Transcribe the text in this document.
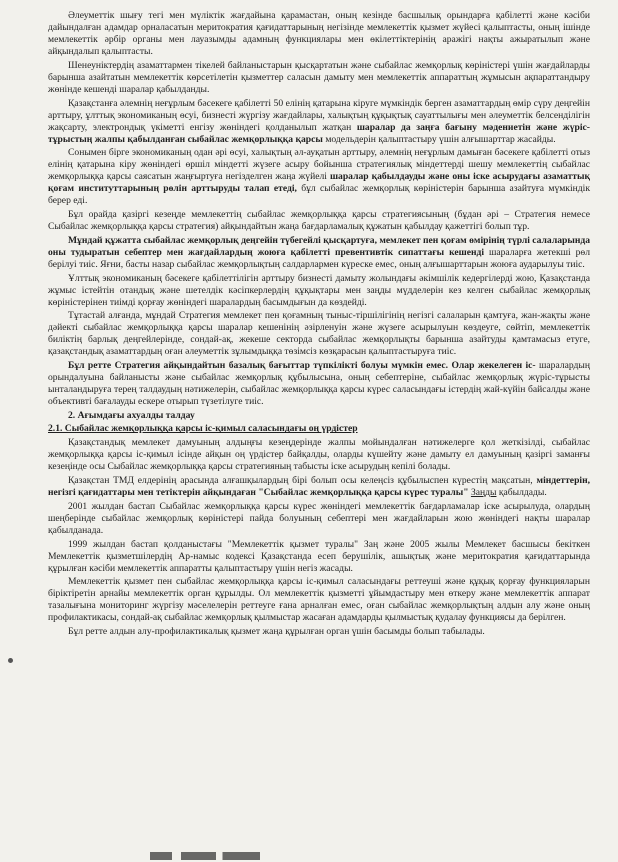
Әлеуметтік шығу тегі мен мүліктік жағдайына қарамастан, оның кезінде басшылық орындарға қабілетті және кәсіби дайындалған адамдар орналасатын меритократия қағидаттарының негізінде мемлекеттік қызмет жүйесі қалыптасты, оның ішінде мемлекеттік әрбір органы мен лауазымды адамның функциялары мен өкілеттіктерінің аражігі нақты ажыратылып және айқындалып қалыптасты.

Шенеуніктердің азаматтармен тікелей байланыстарын қысқартатын және сыбайлас жемқорлық көріністері үшін жағдайларды барынша азайтатын мемлекеттік көрсетілетін қызметтер саласын дамыту мен мемлекеттік аппараттың жұмысын ақпараттандыру жөнінде кешенді шаралар қабылданды.

Қазақстанға әлемнің неғұрлым бәсекеге қабілетті 50 елінің қатарына кіруге мүмкіндік берген азаматтардың өмір сүру деңгейін арттыру, ұлттық экономиканың өсуі, бизнесті жүргізу жағдайлары, халықтың құқықтық сауаттылығы мен әлеуметтік белсенділігін жақсарту, электрондық үкіметті енгізу жөніндегі қолданылып жатқан шаралар да заңға бағыну мәдениетін және жүріс-тұрыстың жалпы қабылданған сыбайлас жемқорлыққа қарсы модельдерін қалыптастыру үшін алғышарттар жасайды.

Сонымен бірге экономиканың одан әрі өсуі, халықтың әл-ауқатын арттыру, әлемнің неғұрлым дамыған бәсекеге қабілетті отыз елінің қатарына кіру жөніндегі өршіл міндетті жүзеге асыру бойынша стратегиялық міндеттерді шешу мемлекеттің сыбайлас жемқорлыққа қарсы саясатын жаңғыртуға негізделген жаңа жүйелі шаралар қабылдауды және оны іске асырудағы азаматтық қоғам институттарының рөлін арттыруды талап етеді, бұл сыбайлас жемқорлық көріністерін барынша азайтуға мүмкіндік берер еді.

Бұл орайда қазіргі кезеңде мемлекеттің сыбайлас жемқорлыққа қарсы стратегиясының (бұдан әрі – Стратегия немесе Сыбайлас жемқорлыққа қарсы стратегия) айқындайтын жаңа бағдарламалық құжатын қабылдау қажеттігі болып тұр.

Мұндай құжатта сыбайлас жемқорлық деңгейін түбегейлі қысқартуға, мемлекет пен қоғам өмірінің түрлі салаларында оны тудыратын себептер мен жағдайлардың жоюға қабілетті превентивтік сипаттағы кешенді шараларға жетекші рөл берілуі тиіс. Яғни, басты назар сыбайлас жемқорлықтың салдарлармен күреске емес, оның алғышарттарын жоюға аударылуы тиіс.

Ұлттық экономиканың бәсекеге қабілеттілігін арттыру бизнесті дамыту жолындағы әкімшілік кедергілерді жою, Қазақстанда жұмыс істейтін отандық және шетелдік кәсіпкерлердің құқықтары мен заңды мүдделерін кез келген сыбайлас жемқорлық көріністерінен тиімді қорғау жөніндегі шаралардың басымдығын да көздейді.

Тұтастай алғанда, мұндай Стратегия мемлекет пен қоғамның тыныс-тіршілігінің негізгі салаларын қамтуға, жан-жақты және дәйекті сыбайлас жемқорлыққа қарсы шаралар кешенінің әзірленуін және жүзеге асырылуын көздеуге, сөйтіп, мемлекеттік биліктің барлық деңгейлерінде, сондай-ақ, жекеше секторда сыбайлас жемқорлықты барынша азайтуды қамтамасыз етуге, қазақстандық азаматтардың оған әлеуметтік зұлымдыққа төзімсіз көзқарасын қалыптастыруға тиіс.

Бұл ретте Стратегия айқындайтын базалық бағыттар түпкілікті болуы мүмкін емес. Олар жекелеген іс- шаралардың орындалуына байланысты және сыбайлас жемқорлық құбылысына, оның себептеріне, сыбайлас жемқорлық жүріс-тұрысты ынталандыруға терең талдаудың нәтижелерін, сыбайлас жемқорлыққа қарсы күрес саласындағы істердің жай-күйін байсалды және объективті бағалауды ескере отырып түзетілуге тиіс.

2. Ағымдағы ахуалды талдау
2.1. Сыбайлас жемқорлыққа қарсы іс-қимыл саласындағы оң үрдістер

Қазақстандық мемлекет дамуының алдыңғы кезеңдерінде жалпы мойындалған нәтижелерге қол жеткізілді, сыбайлас жемқорлыққа қарсы іс-қимыл ісінде айқын оң үрдістер байқалды, оларды күшейту және дамыту ел дамуының қазіргі заманғы кезеңінде осы Сыбайлас жемқорлыққа қарсы стратегияның табысты іске асырудың кепілі болады.

Қазақстан ТМД елдерінің арасында алғашқылардың бірі болып осы келеңсіз құбылыспен күрестің мақсатын, міндеттерін, негізгі қағидаттары мен тетіктерін айқындаған "Сыбайлас жемқорлыққа қарсы күрес туралы" Заңды қабылдады.

2001 жылдан бастап Сыбайлас жемқорлыққа қарсы күрес жөніндегі мемлекеттік бағдарламалар іске асырылуда, олардың шеңберінде сыбайлас жемқорлық көріністері пайда болуының себептері мен жағдайларын жою жөніндегі нақты шаралар қабылданада.

1999 жылдан бастап қолданыстағы "Мемлекеттік қызмет туралы" Заң және 2005 жылы Мемлекет басшысы бекіткен Мемлекеттік қызметшілердің Ар-намыс кодексі Қазақстанда есеп берушілік, ашықтық және меритократия қағидаттарында құрылған кәсіби мемлекеттік аппаратты қалыптастыру үшін негіз жасады.

Мемлекеттік қызмет пен сыбайлас жемқорлыққа қарсы іс-қимыл саласындағы реттеуші және құқық қорғау функцияларын біріктіретін арнайы мемлекеттік орган құрылды. Ол мемлекеттік қызметті ұйымдастыру мен өткеру және мемлекеттік аппарат тазалығына мониторинг жүргізу мәселелерін реттеуге ғана арналған емес, оған сыбайлас жемқорлықтың алдын алу және оның профилактикасы, сондай-ақ сыбайлас жемқорлық қылмыстар жасаған адамдарды қылмыстық қудалау функциясы да берілген.

Бұл ретте алдын алу-профилактикалық қызмет жаңа құрылған орган үшін басымды болып табылады.
